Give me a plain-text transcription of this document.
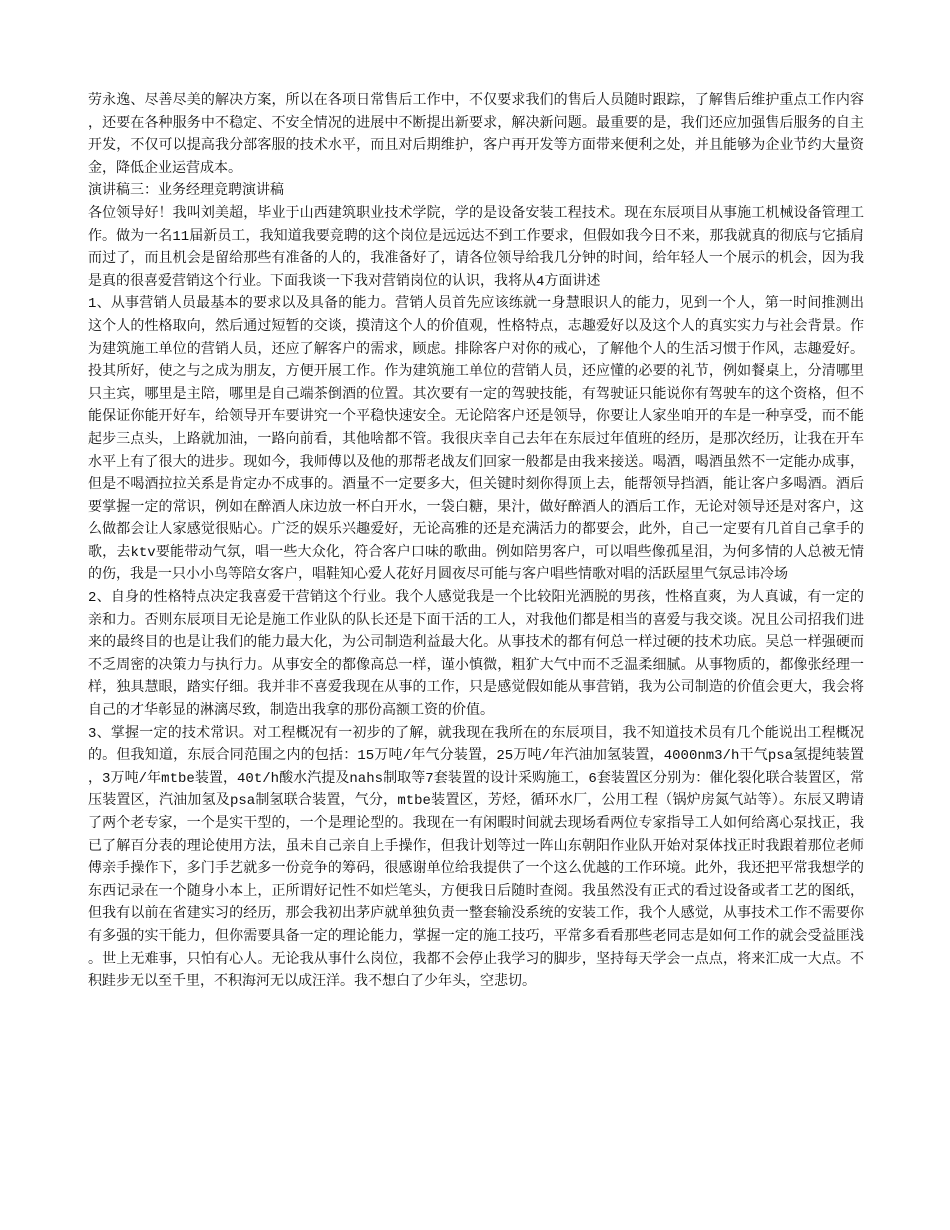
劳永逸、尽善尽美的解决方案，所以在各项日常售后工作中，不仅要求我们的售后人员随时跟踪，了解售后维护重点工作内容，还要在各种服务中不稳定、不安全情况的进展中不断提出新要求，解决新问题。最重要的是，我们还应加强售后服务的自主开发，不仅可以提高我分部客服的技术水平，而且对后期维护，客户再开发等方面带来便利之处，并且能够为企业节约大量资金，降低企业运营成本。

演讲稿三：业务经理竞聘演讲稿

各位领导好！我叫刘美超，毕业于山西建筑职业技术学院，学的是设备安装工程技术。现在东辰项目从事施工机械设备管理工作。做为一名11届新员工，我知道我要竞聘的这个岗位是远远达不到工作要求，但假如我今日不来，那我就真的彻底与它插肩而过了，而且机会是留给那些有准备的人的，我准备好了，请各位领导给我几分钟的时间，给年轻人一个展示的机会，因为我是真的很喜爱营销这个行业。下面我谈一下我对营销岗位的认识，我将从4方面讲述

1、从事营销人员最基本的要求以及具备的能力。营销人员首先应该练就一身慧眼识人的能力，见到一个人，第一时间推测出这个人的性格取向，然后通过短暂的交谈，摸清这个人的价值观，性格特点，志趣爱好以及这个人的真实实力与社会背景。作为建筑施工单位的营销人员，还应了解客户的需求，顾虑。排除客户对你的戒心，了解他个人的生活习惯于作风，志趣爱好。投其所好，使之与之成为朋友，方便开展工作。作为建筑施工单位的营销人员，还应懂的必要的礼节，例如餐桌上，分清哪里只主宾，哪里是主陪，哪里是自己端茶倒酒的位置。其次要有一定的驾驶技能，有驾驶证只能说你有驾驶车的这个资格，但不能保证你能开好车，给领导开车要讲究一个平稳快速安全。无论陪客户还是领导，你要让人家坐咱开的车是一种享受，而不能起步三点头，上路就加油，一路向前看，其他啥都不管。我很庆幸自己去年在东辰过年值班的经历，是那次经历，让我在开车水平上有了很大的进步。现如今，我师傅以及他的那帮老战友们回家一般都是由我来接送。喝酒，喝酒虽然不一定能办成事，但是不喝酒拉拉关系是肯定办不成事的。酒量不一定要多大，但关键时刻你得顶上去，能帮领导挡酒，能让客户多喝酒。酒后要掌握一定的常识，例如在醉酒人床边放一杯白开水，一袋白糖，果汁，做好醉酒人的酒后工作，无论对领导还是对客户，这么做都会让人家感觉很贴心。广泛的娱乐兴趣爱好，无论高雅的还是充满活力的都要会，此外，自己一定要有几首自己拿手的歌，去ktv要能带动气氛，唱一些大众化，符合客户口味的歌曲。例如陪男客户，可以唱些像孤星泪，为何多情的人总被无情的伤，我是一只小小鸟等陪女客户，唱鞋知心爱人花好月圆夜尽可能与客户唱些情歌对唱的活跃屋里气氛忌讳冷场

2、自身的性格特点决定我喜爱干营销这个行业。我个人感觉我是一个比较阳光洒脱的男孩，性格直爽，为人真诚，有一定的亲和力。否则东辰项目无论是施工作业队的队长还是下面干活的工人，对我他们都是相当的喜爱与我交谈。况且公司招我们进来的最终目的也是让我们的能力最大化，为公司制造利益最大化。从事技术的都有何总一样过硬的技术功底。吴总一样强硬而不乏周密的决策力与执行力。从事安全的都像高总一样，谨小慎微，粗犷大气中而不乏温柔细腻。从事物质的，都像张经理一样，独具慧眼，踏实仔细。我并非不喜爱我现在从事的工作，只是感觉假如能从事营销，我为公司制造的价值会更大，我会将自己的才华彰显的淋漓尽致，制造出我拿的那份高额工资的价值。

3、掌握一定的技术常识。对工程概况有一初步的了解，就我现在我所在的东辰项目，我不知道技术员有几个能说出工程概况的。但我知道，东辰合同范围之内的包括：15万吨/年气分装置，25万吨/年汽油加氢装置，4000nm3/h干气psa氢提纯装置，3万吨/年mtbe装置，40t/h酸水汽提及nahs制取等7套装置的设计采购施工，6套装置区分别为：催化裂化联合装置区，常压装置区，汽油加氢及psa制氢联合装置，气分，mtbe装置区，芳烃，循环水厂，公用工程（锅炉房氮气站等）。东辰又聘请了两个老专家，一个是实干型的，一个是理论型的。我现在一有闲暇时间就去现场看两位专家指导工人如何给离心泵找正，我已了解百分表的理论使用方法，虽未自己亲自上手操作，但我计划等过一阵山东朝阳作业队开始对泵体找正时我跟着那位老师傅亲手操作下，多门手艺就多一份竞争的筹码，很感谢单位给我提供了一个这么优越的工作环境。此外，我还把平常我想学的东西记录在一个随身小本上，正所谓好记性不如烂笔头，方便我日后随时查阅。我虽然没有正式的看过设备或者工艺的图纸，但我有以前在省建实习的经历，那会我初出茅庐就单独负责一整套输没系统的安装工作，我个人感觉，从事技术工作不需要你有多强的实干能力，但你需要具备一定的理论能力，掌握一定的施工技巧，平常多看看那些老同志是如何工作的就会受益匪浅。世上无难事，只怕有心人。无论我从事什么岗位，我都不会停止我学习的脚步，坚持每天学会一点点，将来汇成一大点。不积跬步无以至千里，不积海河无以成汪洋。我不想白了少年头，空悲切。
